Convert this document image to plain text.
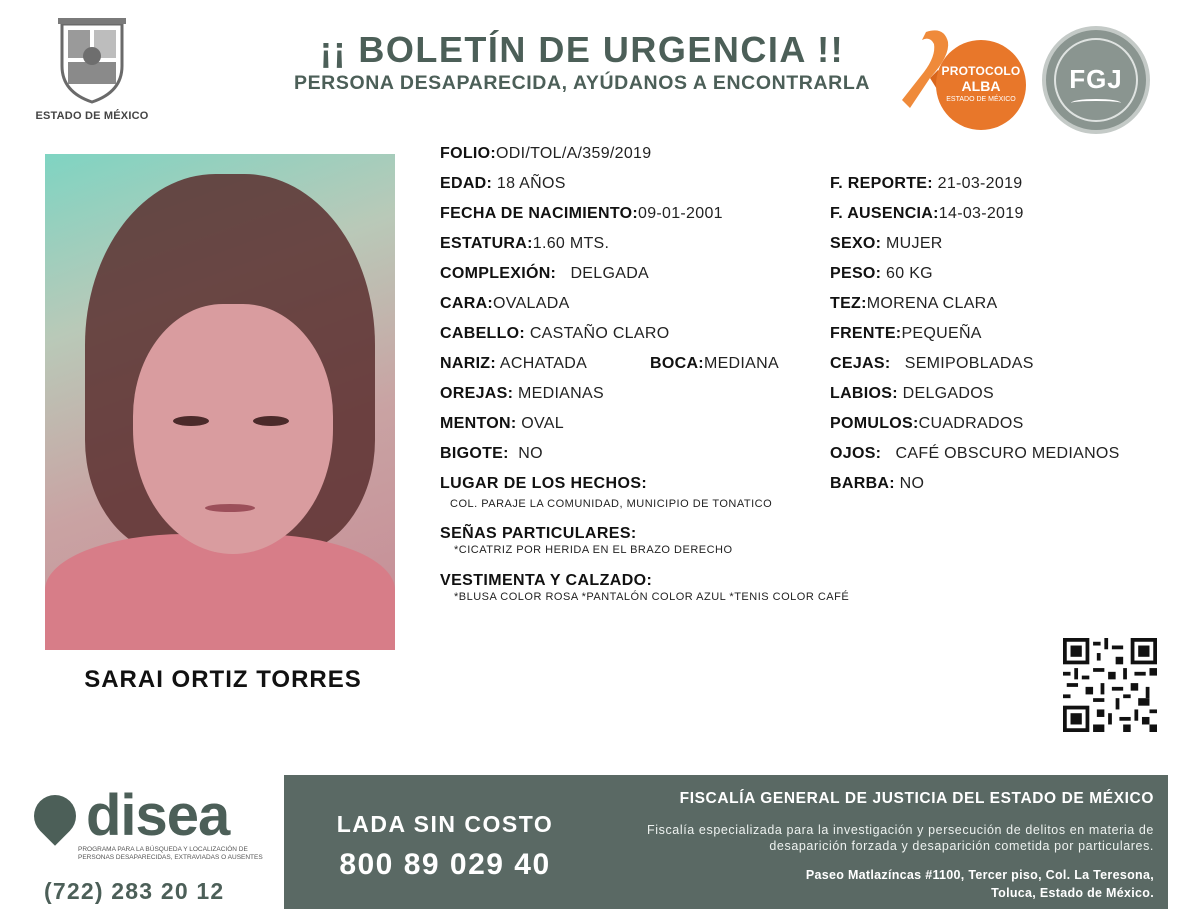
ESTADO DE MÉXICO
¡¡ BOLETÍN DE URGENCIA !!
PERSONA DESAPARECIDA, AYÚDANOS A ENCONTRARLA
PROTOCOLO
ALBA
ESTADO DE MÉXICO
FGJ
SARAI ORTIZ TORRES
FOLIO:ODI/TOL/A/359/2019
EDAD: 18 AÑOS
FECHA DE NACIMIENTO:09-01-2001
ESTATURA:1.60 MTS.
COMPLEXIÓN: DELGADA
CARA:OVALADA
CABELLO: CASTAÑO CLARO
NARIZ: ACHATADA	BOCA:MEDIANA
OREJAS: MEDIANAS
MENTON: OVAL
BIGOTE: NO
F. REPORTE: 21-03-2019
F. AUSENCIA:14-03-2019
SEXO: MUJER
PESO: 60 KG
TEZ:MORENA CLARA
FRENTE:PEQUEÑA
CEJAS: SEMIPOBLADAS
LABIOS: DELGADOS
POMULOS:CUADRADOS
OJOS: CAFÉ OBSCURO MEDIANOS
BARBA: NO
LUGAR DE LOS HECHOS:
COL. PARAJE LA COMUNIDAD, MUNICIPIO DE TONATICO
SEÑAS PARTICULARES:
*CICATRIZ POR HERIDA EN EL BRAZO DERECHO
VESTIMENTA Y CALZADO:
*BLUSA COLOR ROSA *PANTALÓN COLOR AZUL *TENIS COLOR CAFÉ
disea
PROGRAMA PARA LA BÚSQUEDA Y LOCALIZACIÓN DE PERSONAS DESAPARECIDAS, EXTRAVIADAS O AUSENTES
(722) 283 20 12
LADA SIN COSTO
800 89 029 40
FISCALÍA GENERAL DE JUSTICIA DEL ESTADO DE MÉXICO
Fiscalía especializada para la investigación y persecución de delitos en materia de desaparición forzada y desaparición cometida por particulares.
Paseo Matlazíncas #1100, Tercer piso, Col. La Teresona,
Toluca, Estado de México.
